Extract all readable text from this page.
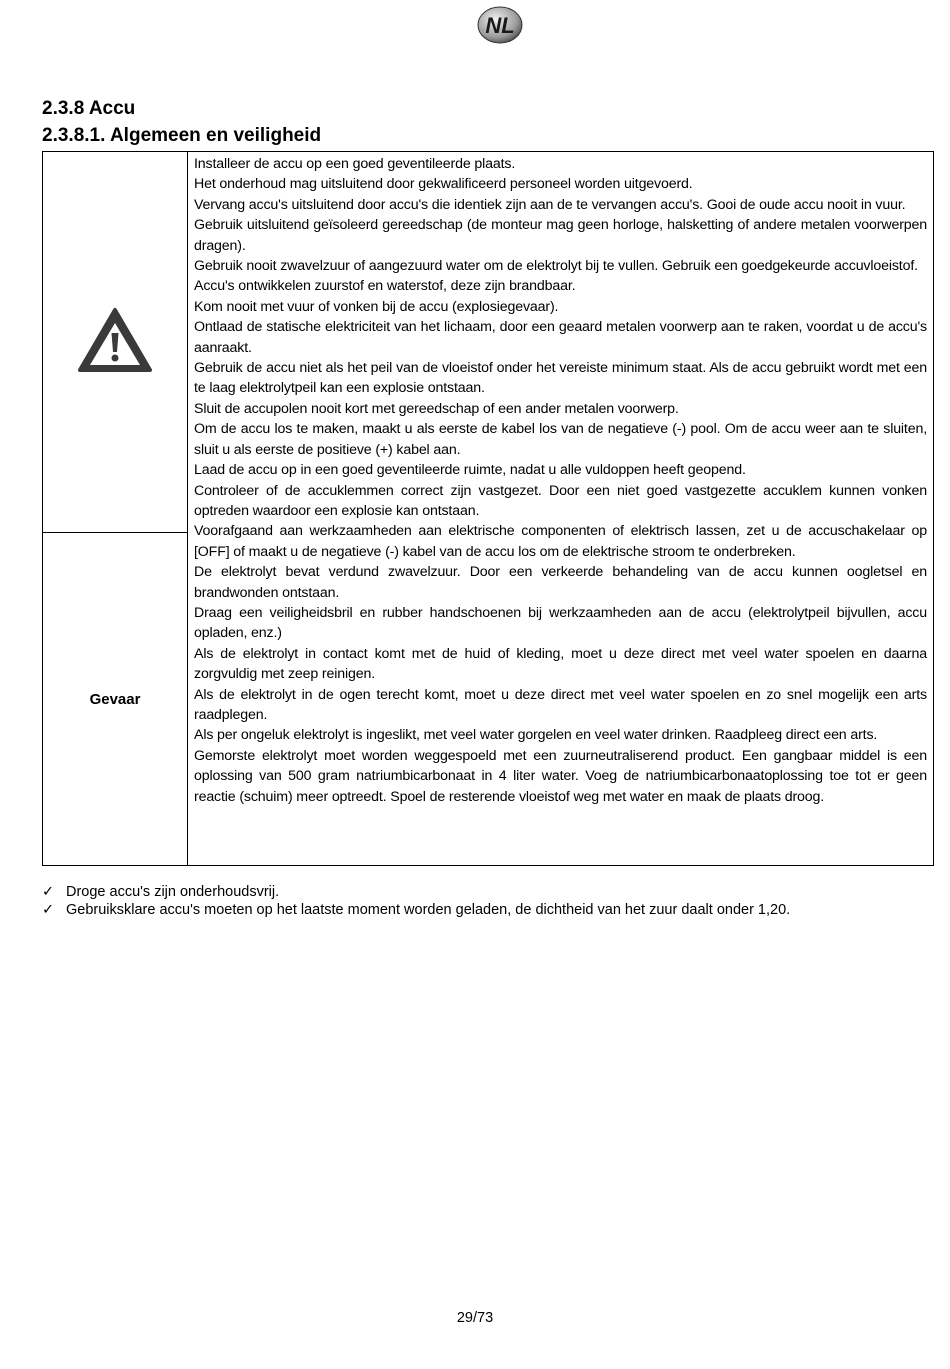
NL
2.3.8 Accu
2.3.8.1. Algemeen en veiligheid

Installeer de accu op een goed geventileerde plaats.

Het onderhoud mag uitsluitend door gekwalificeerd personeel worden uitgevoerd.

Vervang accu's uitsluitend door accu's die identiek zijn aan de te vervangen accu's. Gooi de oude accu nooit in vuur.

Gebruik uitsluitend geïsoleerd gereedschap (de monteur mag geen horloge, halsketting of andere metalen voorwerpen dragen).

Gebruik nooit zwavelzuur of aangezuurd water om de elektrolyt bij te vullen. Gebruik een goedgekeurde accuvloeistof.

Accu's ontwikkelen zuurstof en waterstof, deze zijn brandbaar.

Kom nooit met vuur of vonken bij de accu (explosiegevaar).

Ontlaad de statische elektriciteit van het lichaam, door een geaard metalen voorwerp aan te raken, voordat u de accu's aanraakt.

Gebruik de accu niet als het peil van de vloeistof onder het vereiste minimum staat. Als de accu gebruikt wordt met een te laag elektrolytpeil kan een explosie ontstaan.

Sluit de accupolen nooit kort met gereedschap of een ander metalen voorwerp.

Om de accu los te maken, maakt u als eerste de kabel los van de negatieve (-) pool. Om de accu weer aan te sluiten, sluit u als eerste de positieve (+) kabel aan.

Laad de accu op in een goed geventileerde ruimte, nadat u alle vuldoppen heeft geopend.

Controleer of de accuklemmen correct zijn vastgezet. Door een niet goed vastgezette accuklem kunnen vonken optreden waardoor een explosie kan ontstaan.

Voorafgaand aan werkzaamheden aan elektrische componenten of elektrisch lassen, zet u de accuschakelaar op [OFF] of maakt u de negatieve (-) kabel van de accu los om de elektrische stroom te onderbreken.

De elektrolyt bevat verdund zwavelzuur. Door een verkeerde behandeling van de accu kunnen oogletsel en brandwonden ontstaan.

Draag een veiligheidsbril en rubber handschoenen bij werkzaamheden aan de accu (elektrolytpeil bijvullen, accu opladen, enz.)

Als de elektrolyt in contact komt met de huid of kleding, moet u deze direct met veel water spoelen en daarna zorgvuldig met zeep reinigen.

Als de elektrolyt in de ogen terecht komt, moet u deze direct met veel water spoelen en zo snel mogelijk een arts raadplegen.

Als per ongeluk elektrolyt is ingeslikt, met veel water gorgelen en veel water drinken. Raadpleeg direct een arts.

Gemorste elektrolyt moet worden weggespoeld met een zuurneutraliserend product. Een gangbaar middel is een oplossing van 500 gram natriumbicarbonaat in 4 liter water. Voeg de natriumbicarbonaatoplossing toe tot er geen reactie (schuim) meer optreedt. Spoel de resterende vloeistof weg met water en maak de plaats droog.

Gevaar
✓ Droge accu's zijn onderhoudsvrij.
✓ Gebruiksklare accu's moeten op het laatste moment worden geladen, de dichtheid van het zuur daalt onder 1,20.
29/73
